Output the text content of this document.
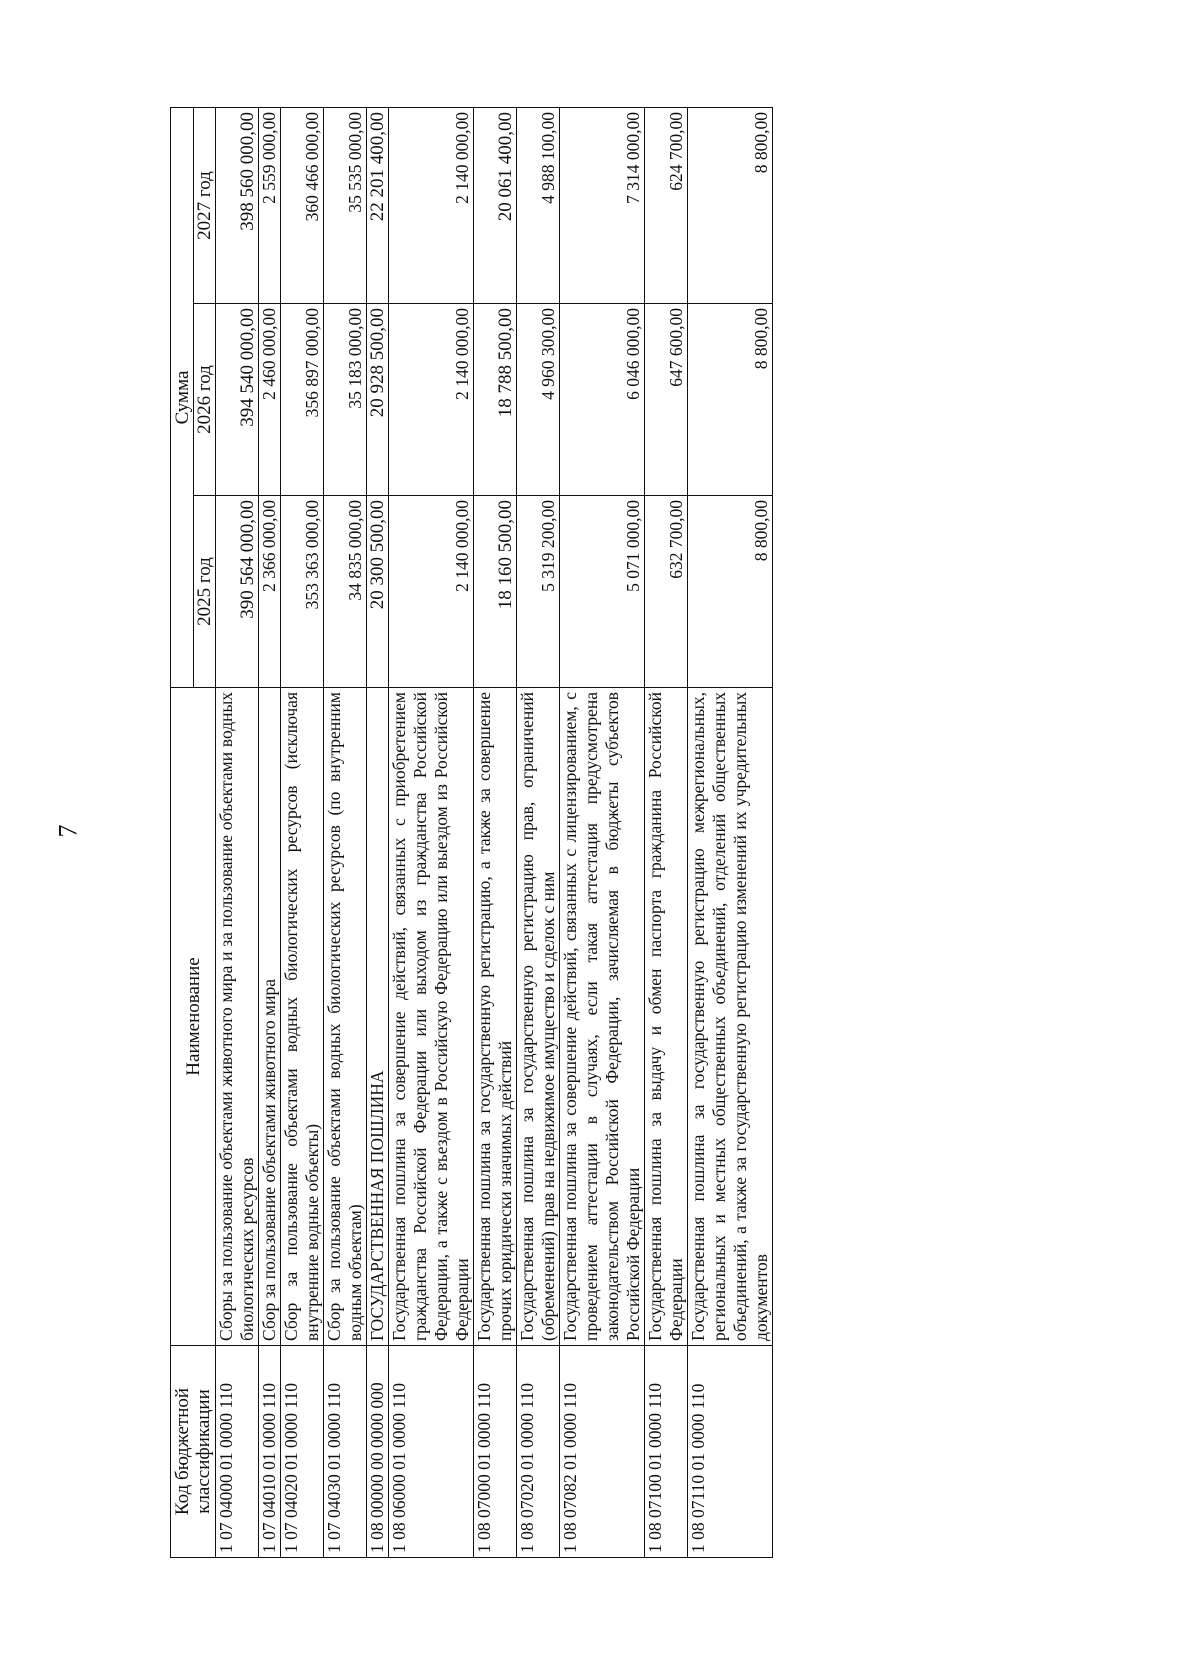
7
Код бюджетной классификации	Наименование	Сумма		
		2025 год	2026 год	2027 год
1 07 04000 01 0000 110	Сборы за пользование объектами животного мира и за пользование объектами водных биологических ресурсов	390 564 000,00	394 540 000,00	398 560 000,00
1 07 04010 01 0000 110	Сбор за пользование объектами животного мира	2 366 000,00	2 460 000,00	2 559 000,00
1 07 04020 01 0000 110	Сбор за пользование объектами водных биологических ресурсов (исключая внутренние водные объекты)	353 363 000,00	356 897 000,00	360 466 000,00
1 07 04030 01 0000 110	Сбор за пользование объектами водных биологических ресурсов (по внутренним водным объектам)	34 835 000,00	35 183 000,00	35 535 000,00
1 08 00000 00 0000 000	ГОСУДАРСТВЕННАЯ ПОШЛИНА	20 300 500,00	20 928 500,00	22 201 400,00
1 08 06000 01 0000 110	Государственная пошлина за совершение действий, связанных с приобретением гражданства Российской Федерации или выходом из гражданства Российской Федерации, а также с въездом в Российскую Федерацию или выездом из Российской Федерации	2 140 000,00	2 140 000,00	2 140 000,00
1 08 07000 01 0000 110	Государственная пошлина за государственную регистрацию, а также за совершение прочих юридически значимых действий	18 160 500,00	18 788 500,00	20 061 400,00
1 08 07020 01 0000 110	Государственная пошлина за государственную регистрацию прав, ограничений (обременений) прав на недвижимое имущество и сделок с ним	5 319 200,00	4 960 300,00	4 988 100,00
1 08 07082 01 0000 110	Государственная пошлина за совершение действий, связанных с лицензированием, с проведением аттестации в случаях, если такая аттестация предусмотрена законодательством Российской Федерации, зачисляемая в бюджеты субъектов Российской Федерации	5 071 000,00	6 046 000,00	7 314 000,00
1 08 07100 01 0000 110	Государственная пошлина за выдачу и обмен паспорта гражданина Российской Федерации	632 700,00	647 600,00	624 700,00
1 08 07110 01 0000 110	Государственная пошлина за государственную регистрацию межрегиональных, региональных и местных общественных объединений, отделений общественных объединений, а также за государственную регистрацию изменений их учредительных документов	8 800,00	8 800,00	8 800,00
